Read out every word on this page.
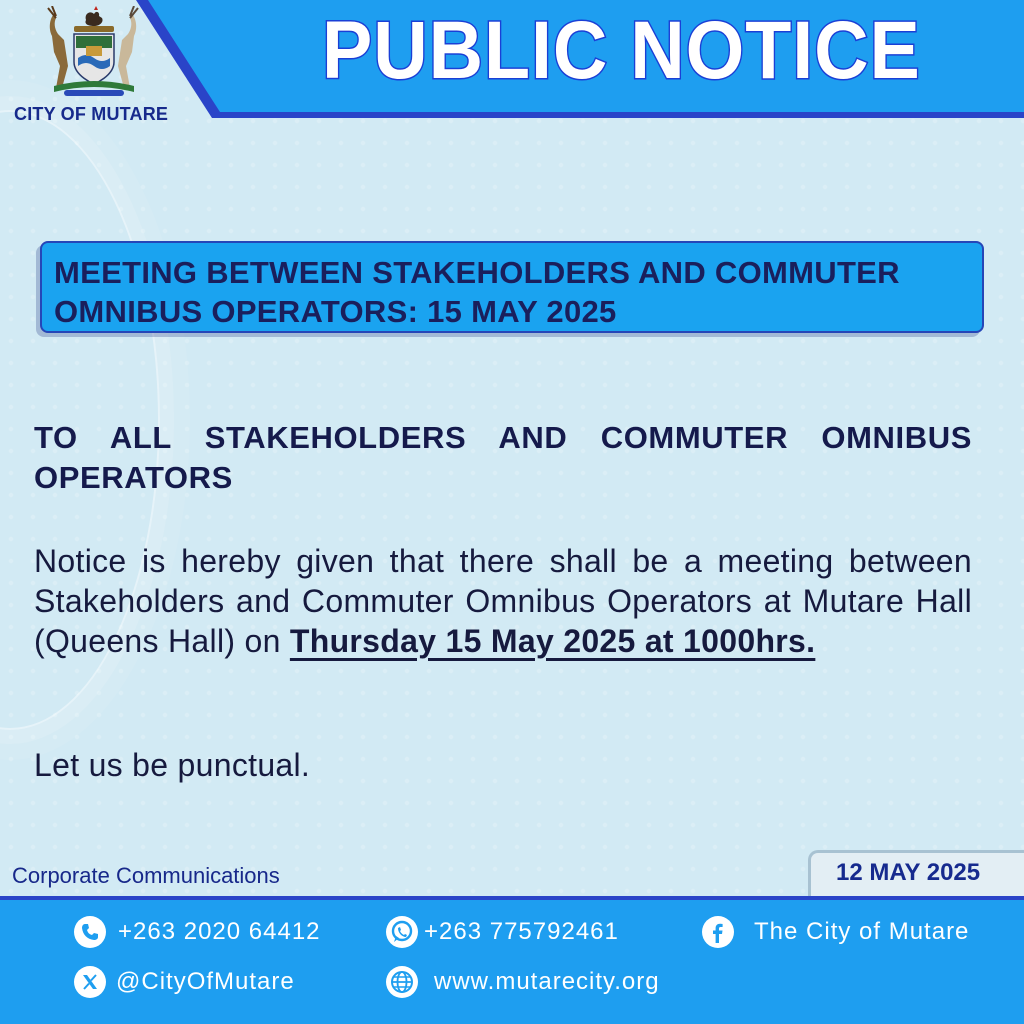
CITY OF MUTARE
PUBLIC NOTICE
MEETING BETWEEN STAKEHOLDERS AND COMMUTER
OMNIBUS OPERATORS: 15 MAY 2025
TO ALL STAKEHOLDERS AND COMMUTER OMNIBUS OPERATORS
Notice is hereby given that there shall be a meeting between Stakeholders and Commuter Omnibus Operators at Mutare Hall (Queens Hall) on Thursday 15 May 2025 at 1000hrs.
Let us be punctual.
Corporate Communications	12 MAY 2025
+263 2020 64412	+263 775792461	The City of Mutare
@CityOfMutare	www.mutarecity.org
